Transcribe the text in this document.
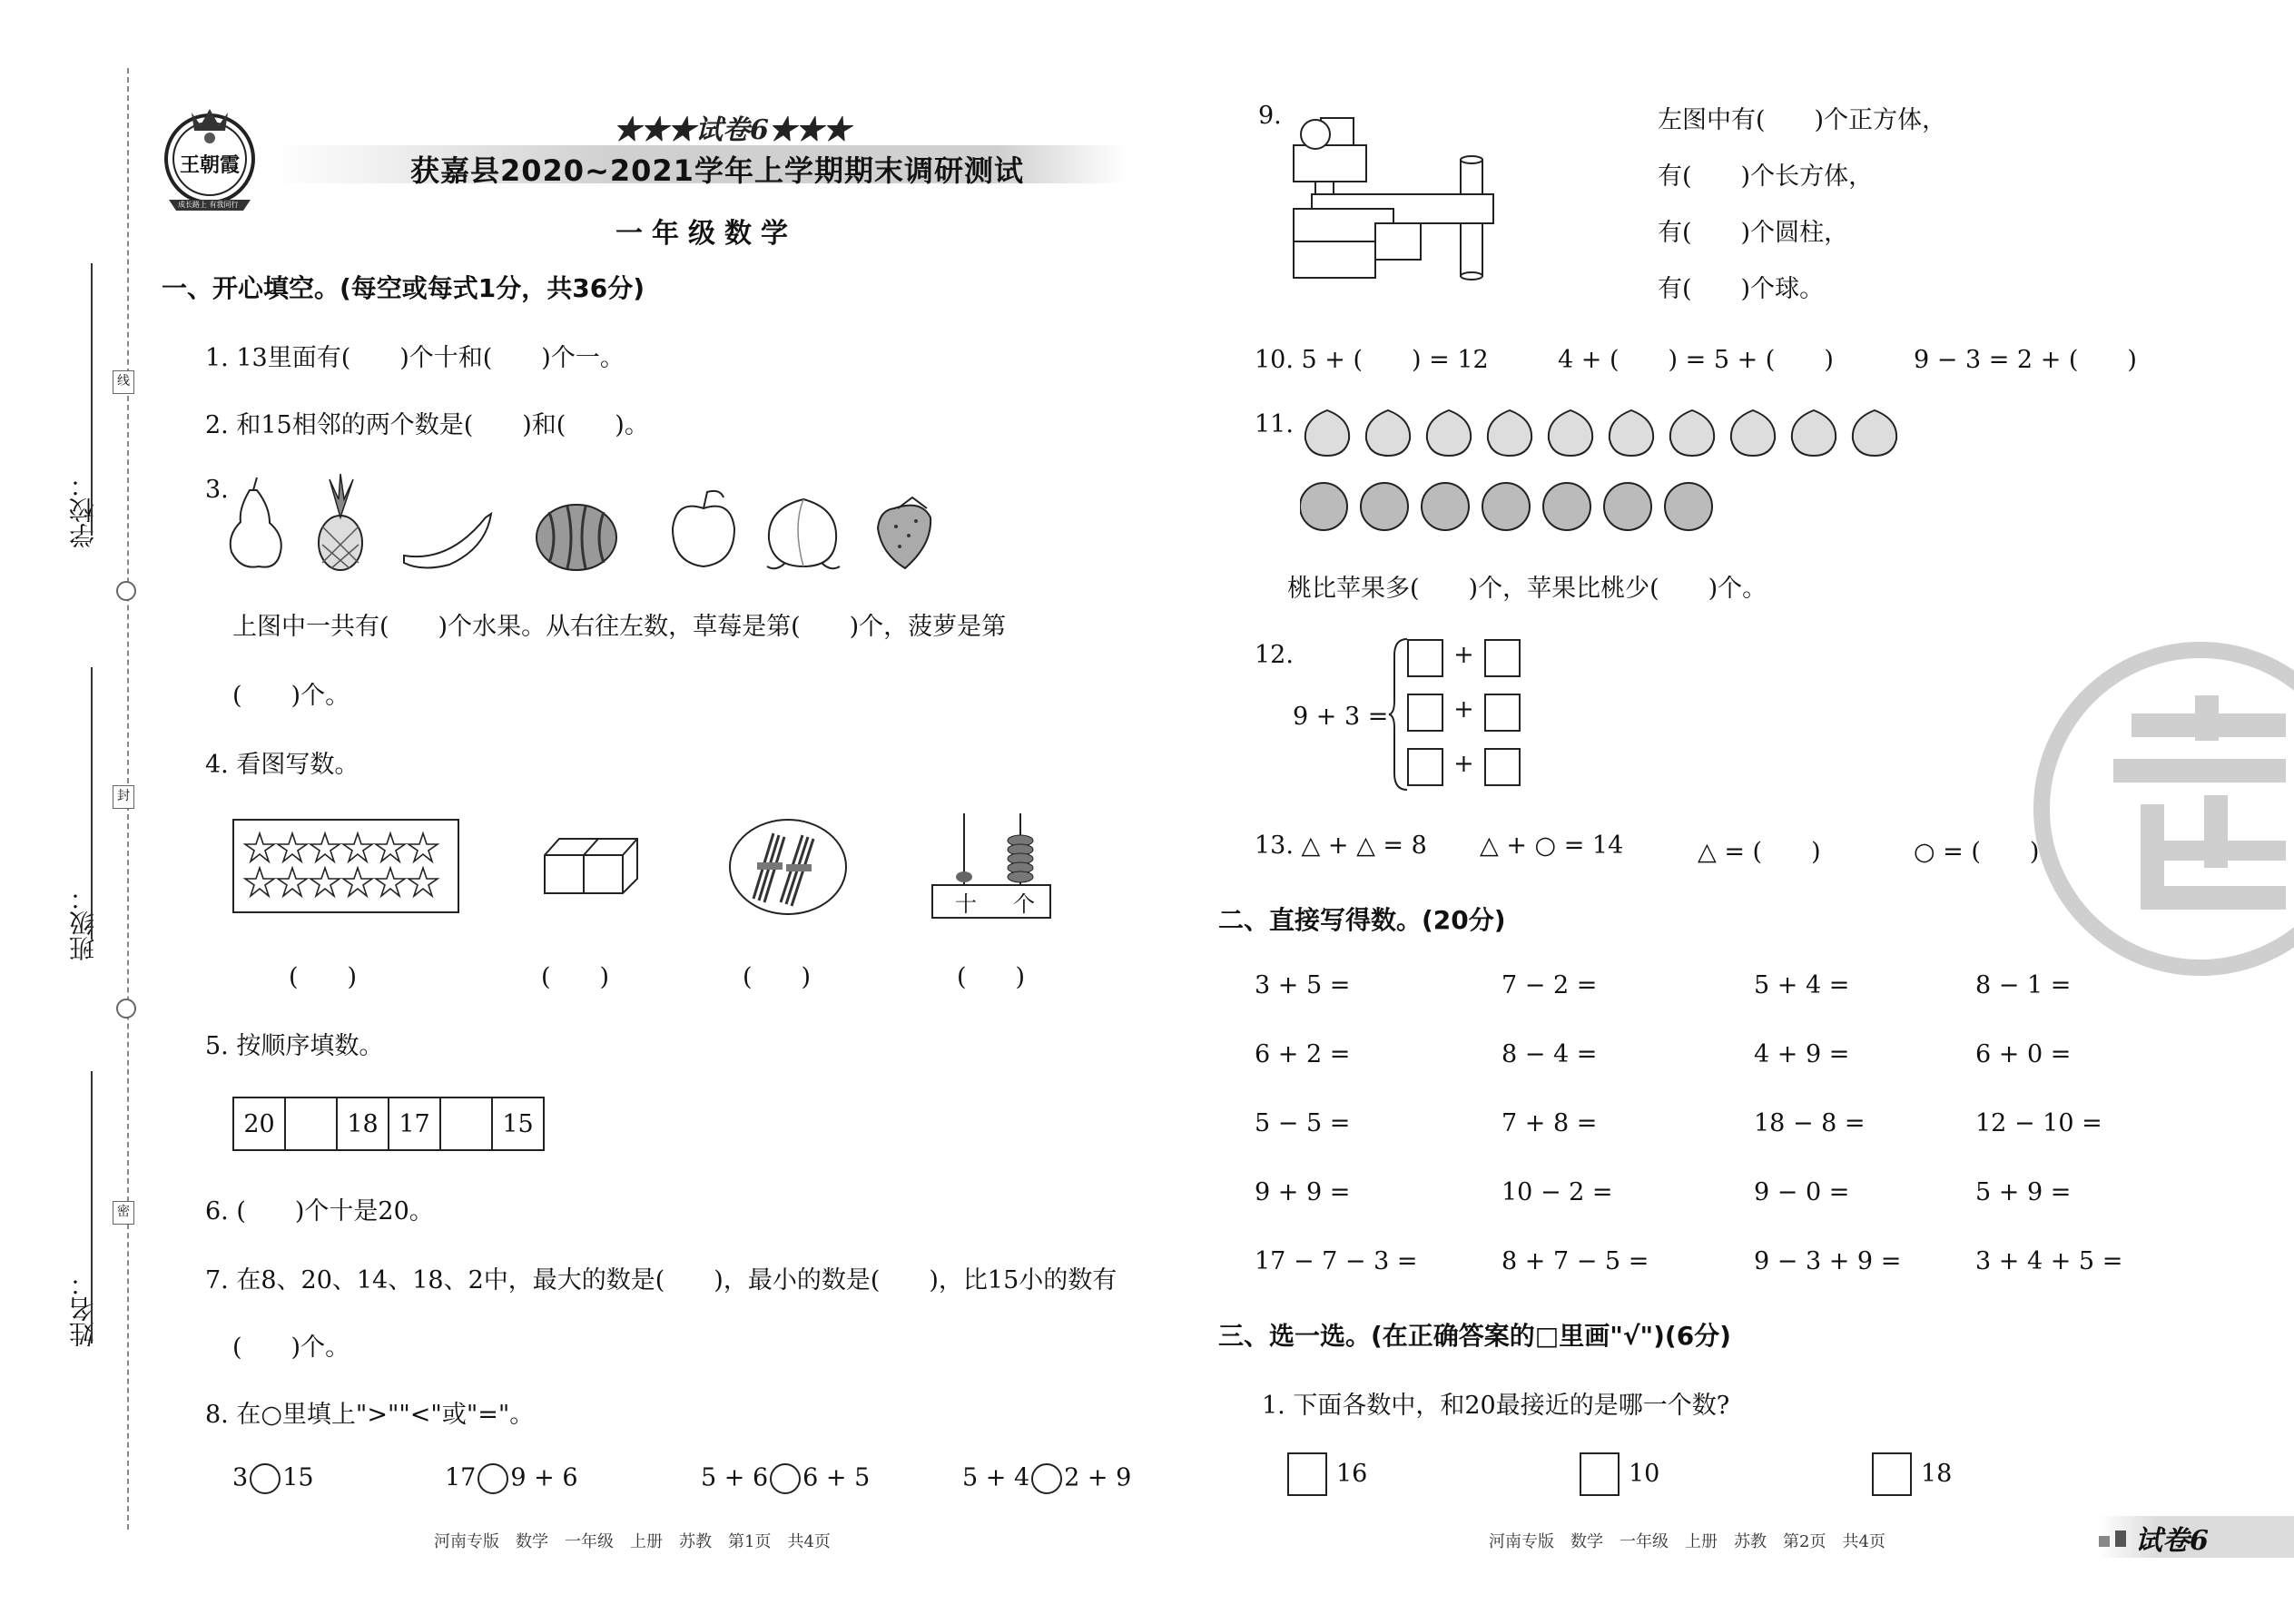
学校：
班级：
姓名：
线
封
密
王朝霞
成长路上 有我同行
★★★试卷6★★★
获嘉县2020~2021学年上学期期末调研测试
一年级数学
一、开心填空。(每空或每式1分，共36分)
1. 13里面有(　　)个十和(　　)个一。
2. 和15相邻的两个数是(　　)和(　　)。
3.
上图中一共有(　　)个水果。从右往左数，草莓是第(　　)个，菠萝是第
(　　)个。
4. 看图写数。
十 个
(　　)	(　　)	(　　)	(　　)
5. 按顺序填数。
20		18	17		15
6. (　　)个十是20。
7. 在8、20、14、18、2中，最大的数是(　　)，最小的数是(　　)，比15小的数有
(　　)个。
8. 在○里填上">""<"或"="。
3 15	17 9 + 6	5 + 6 6 + 5	5 + 4 2 + 9
河南专版　数学　一年级　上册　苏教　第1页　共4页
9.	左图中有(　　)个正方体，
有(　　)个长方体，
有(　　)个圆柱，
有(　　)个球。
10. 5 + (　　) = 12	4 + (　　) = 5 + (　　)	9 − 3 = 2 + (　　)
11.
桃比苹果多(　　)个，苹果比桃少(　　)个。
12.
9 + 3 =
+
+
+
13. △ + △ = 8 △ + ○ = 14	△ = (　　)	○ = (　　)
二、直接写得数。(20分)
3 + 5 =	7 − 2 =	5 + 4 =	8 − 1 =
6 + 2 =	8 − 4 =	4 + 9 =	6 + 0 =
5 − 5 =	7 + 8 =	18 − 8 =	12 − 10 =
9 + 9 =	10 − 2 =	9 − 0 =	5 + 9 =
17 − 7 − 3 =	8 + 7 − 5 =	9 − 3 + 9 =	3 + 4 + 5 =
三、选一选。(在正确答案的□里画"√")(6分)
1. 下面各数中，和20最接近的是哪一个数?
16	10	18
河南专版　数学　一年级　上册　苏教　第2页　共4页	试卷6
